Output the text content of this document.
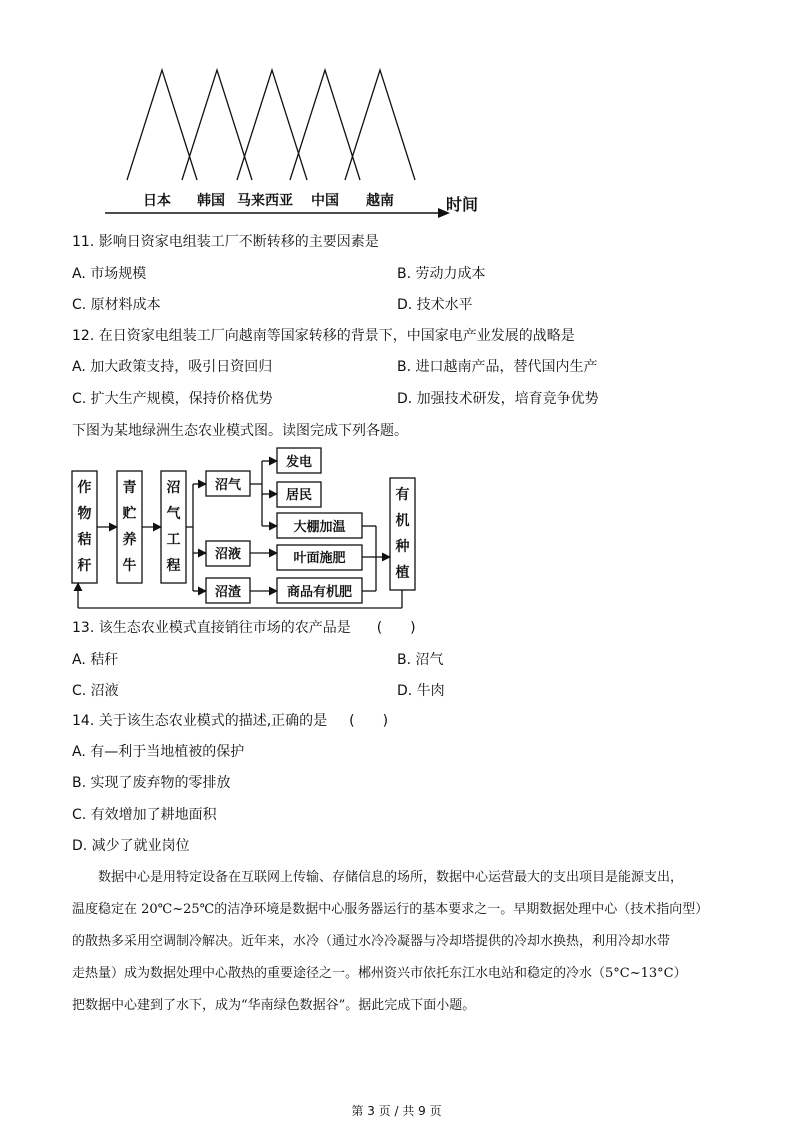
日本 韩国 马来西亚 中国 越南	时间
11. 影响日资家电组装工厂不断转移的主要因素是
A. 市场规模	B. 劳动力成本
C. 原材料成本	D. 技术水平
12. 在日资家电组装工厂向越南等国家转移的背景下，中国家电产业发展的战略是
A. 加大政策支持，吸引日资回归	B. 进口越南产品，替代国内生产
C. 扩大生产规模，保持价格优势	D. 加强技术研发，培育竞争优势
下图为某地绿洲生态农业模式图。读图完成下列各题。
作
物
秸
秆
青
贮
养
牛
沼
气
工
程
有
机
种
植
沼气
沼液
沼渣
发电
居民
大棚加温
叶面施肥
商品有机肥
13. 该生态农业模式直接销往市场的农产品是 (　　)
A. 秸秆	B. 沼气
C. 沼液	D. 牛肉
14. 关于该生态农业模式的描述,正确的是 (　　)
A. 有—利于当地植被的保护
B. 实现了废弃物的零排放
C. 有效增加了耕地面积
D. 减少了就业岗位
　　数据中心是用特定设备在互联网上传输、存储信息的场所，数据中心运营最大的支出项目是能源支出，
温度稳定在 20℃~25℃的洁净环境是数据中心服务器运行的基本要求之一。早期数据处理中心（技术指向型）
的散热多采用空调制冷解决。近年来，水冷（通过水冷冷凝器与冷却塔提供的冷却水换热，利用冷却水带
走热量）成为数据处理中心散热的重要途径之一。郴州资兴市依托东江水电站和稳定的冷水（5°C~13°C）
把数据中心建到了水下，成为“华南绿色数据谷”。据此完成下面小题。
第 3 页 / 共 9 页
